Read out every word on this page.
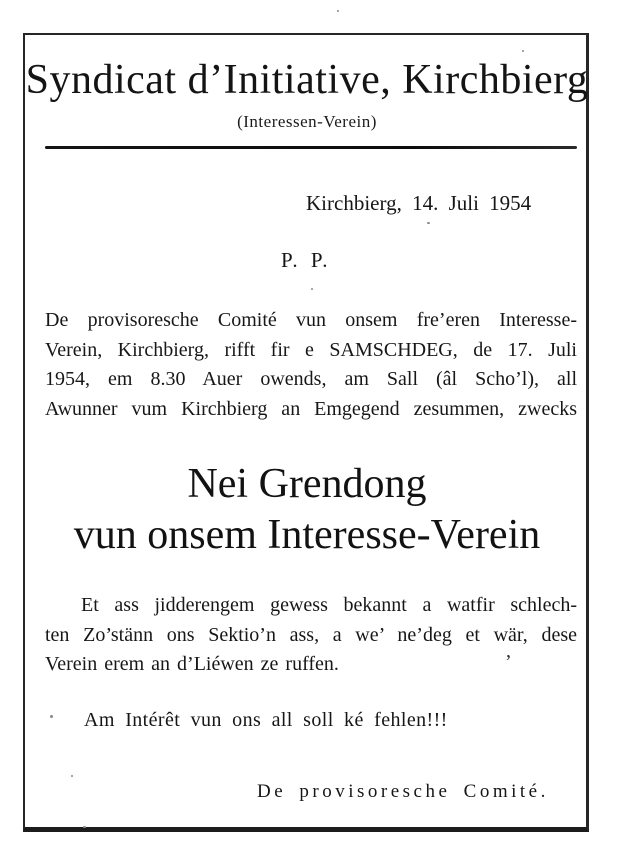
Syndicat d’Initiative, Kirchbierg
(Interessen-Verein)
Kirchbierg, 14. Juli 1954
P. P.
De provisoresche Comité vun onsem fre’eren Interesse-
Verein, Kirchbierg, rifft fir e SAMSCHDEG, de 17. Juli
1954, em 8.30 Auer owends, am Sall (âl Scho’l), all
Awunner vum Kirchbierg an Emgegend zesummen, zwecks
Nei Grendong
vun onsem Interesse-Verein
Et ass jidderengem gewess bekannt a watfir schlech-
ten Zo’stänn ons Sektio’n ass, a we’ ne’deg et wär, dese
Verein erem an d’Liéwen ze ruffen.
,
Am Intérêt vun ons all soll ké fehlen!!!
De provisoresche Comité.
